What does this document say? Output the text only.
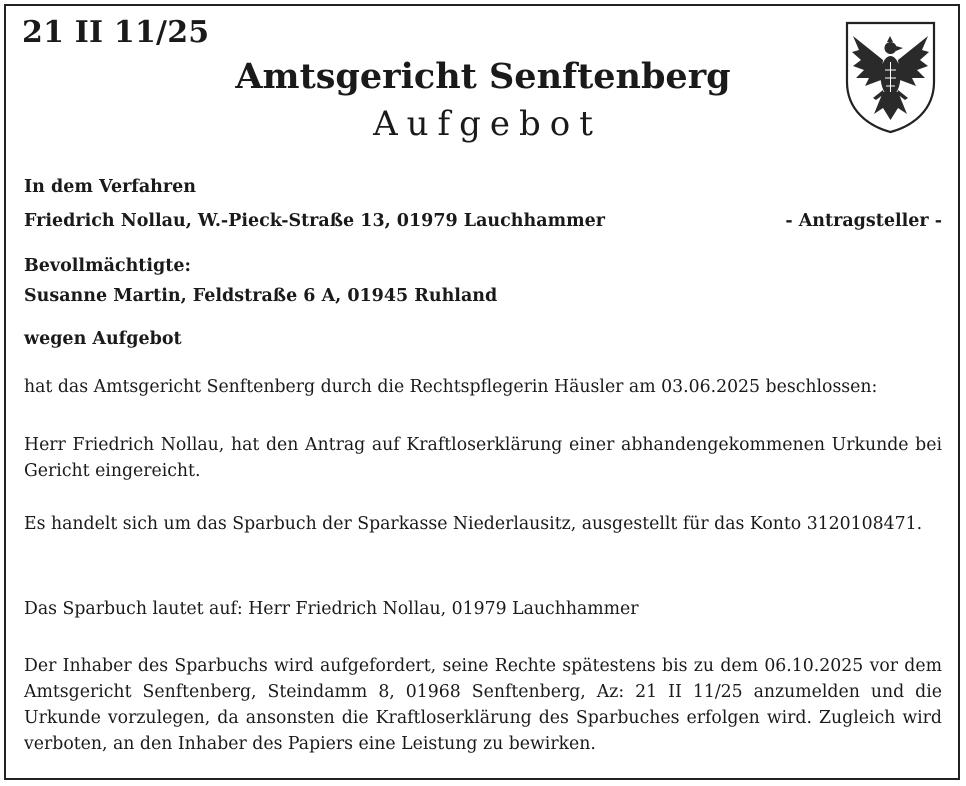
21 II 11/25
Amtsgericht Senftenberg
Aufgebot
In dem Verfahren
Friedrich Nollau, W.-Pieck-Straße 13, 01979 Lauchhammer	- Antragsteller -
Bevollmächtigte:
Susanne Martin, Feldstraße 6 A, 01945 Ruhland
wegen Aufgebot
hat das Amtsgericht Senftenberg durch die Rechtspflegerin Häusler am 03.06.2025 beschlossen:
Herr Friedrich Nollau, hat den Antrag auf Kraftloserklärung einer abhandengekommenen Urkunde bei Gericht eingereicht.
Es handelt sich um das Sparbuch der Sparkasse Niederlausitz, ausgestellt für das Konto 3120108471.
Das Sparbuch lautet auf: Herr Friedrich Nollau, 01979 Lauchhammer
Der Inhaber des Sparbuchs wird aufgefordert, seine Rechte spätestens bis zu dem 06.10.2025 vor dem Amtsgericht Senftenberg, Steindamm 8, 01968 Senftenberg, Az: 21 II 11/25 anzumelden und die Urkunde vorzulegen, da ansonsten die Kraftloserklärung des Sparbuches erfolgen wird. Zugleich wird verboten, an den Inhaber des Papiers eine Leistung zu bewirken.
